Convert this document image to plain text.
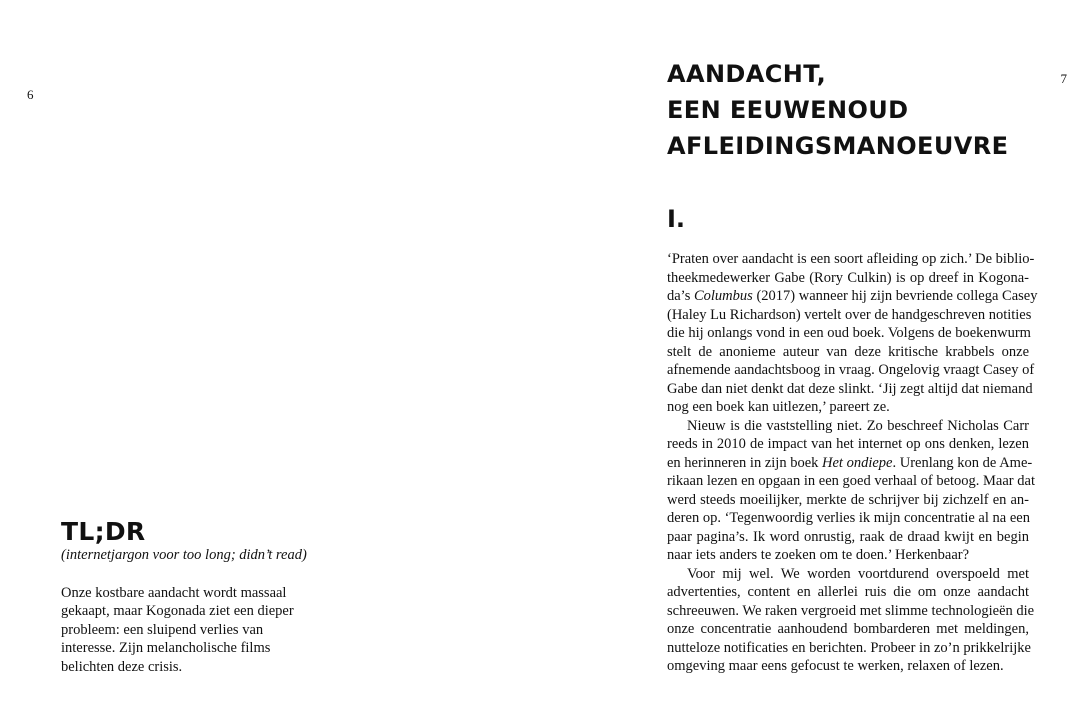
6
TL;DR

(internetjargon voor too long; didn’t read)

Onze kostbare aandacht wordt massaal
gekaapt, maar Kogonada ziet een dieper
probleem: een sluipend verlies van
interesse. Zijn melancholische films
belichten deze crisis.

7
AANDACHT,
EEN EEUWENOUD
AFLEIDINGSMANOEUVRE
I.

‘Praten over aandacht is een soort afleiding op zich.’ De biblio-
theekmedewerker Gabe (Rory Culkin) is op dreef in Kogona-
da’s Columbus (2017) wanneer hij zijn bevriende collega Casey
(Haley Lu Richardson) vertelt over de handgeschreven notities
die hij onlangs vond in een oud boek. Volgens de boekenwurm
stelt de anonieme auteur van deze kritische krabbels onze
afnemende aandachtsboog in vraag. Ongelovig vraagt Casey of
Gabe dan niet denkt dat deze slinkt. ‘Jij zegt altijd dat niemand
nog een boek kan uitlezen,’ pareert ze.

Nieuw is die vaststelling niet. Zo beschreef Nicholas Carr
reeds in 2010 de impact van het internet op ons denken, lezen
en herinneren in zijn boek Het ondiepe. Urenlang kon de Ame-
rikaan lezen en opgaan in een goed verhaal of betoog. Maar dat
werd steeds moeilijker, merkte de schrijver bij zichzelf en an-
deren op. ‘Tegenwoordig verlies ik mijn concentratie al na een
paar pagina’s. Ik word onrustig, raak de draad kwijt en begin
naar iets anders te zoeken om te doen.’ Herkenbaar?

Voor mij wel. We worden voortdurend overspoeld met
advertenties, content en allerlei ruis die om onze aandacht
schreeuwen. We raken vergroeid met slimme technologieën die
onze concentratie aanhoudend bombarderen met meldingen,
nutteloze notificaties en berichten. Probeer in zo’n prikkelrijke
omgeving maar eens gefocust te werken, relaxen of lezen.
